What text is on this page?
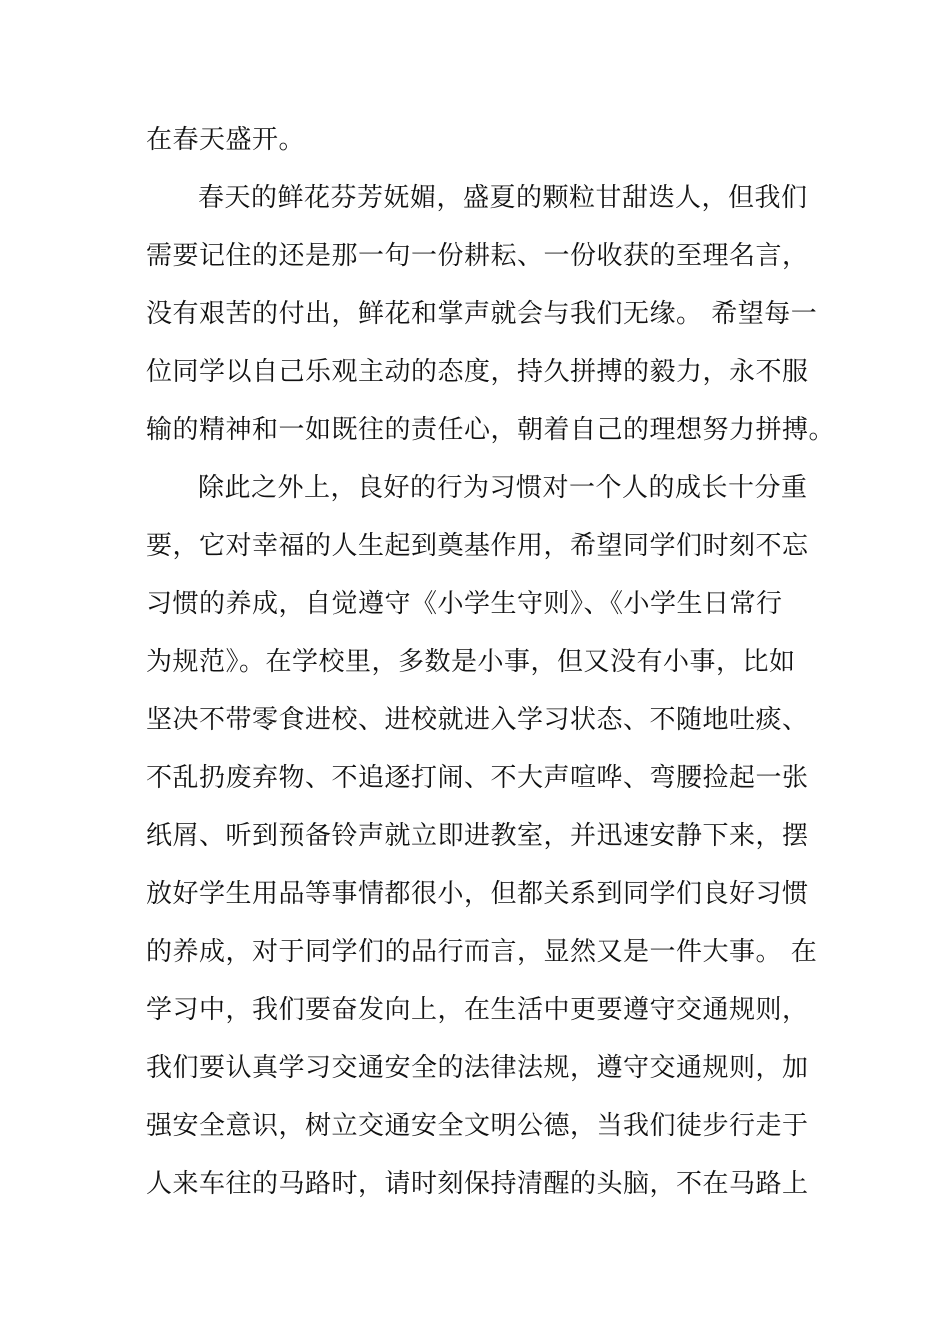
在春天盛开。
春天的鲜花芬芳妩媚，盛夏的颗粒甘甜迭人，但我们
需要记住的还是那一句一份耕耘、一份收获的至理名言，
没有艰苦的付出，鲜花和掌声就会与我们无缘。 希望每一
位同学以自己乐观主动的态度，持久拼搏的毅力，永不服
输的精神和一如既往的责任心，朝着自己的理想努力拼搏。
除此之外上，良好的行为习惯对一个人的成长十分重
要，它对幸福的人生起到奠基作用，希望同学们时刻不忘
习惯的养成，自觉遵守《小学生守则》、《小学生日常行
为规范》。在学校里，多数是小事，但又没有小事，比如
坚决不带零食进校、进校就进入学习状态、不随地吐痰、
不乱扔废弃物、不追逐打闹、不大声喧哗、弯腰捡起一张
纸屑、听到预备铃声就立即进教室，并迅速安静下来，摆
放好学生用品等事情都很小，但都关系到同学们良好习惯
的养成，对于同学们的品行而言，显然又是一件大事。 在
学习中，我们要奋发向上，在生活中更要遵守交通规则，
我们要认真学习交通安全的法律法规，遵守交通规则，加
强安全意识，树立交通安全文明公德，当我们徒步行走于
人来车往的马路时，请时刻保持清醒的头脑，不在马路上
